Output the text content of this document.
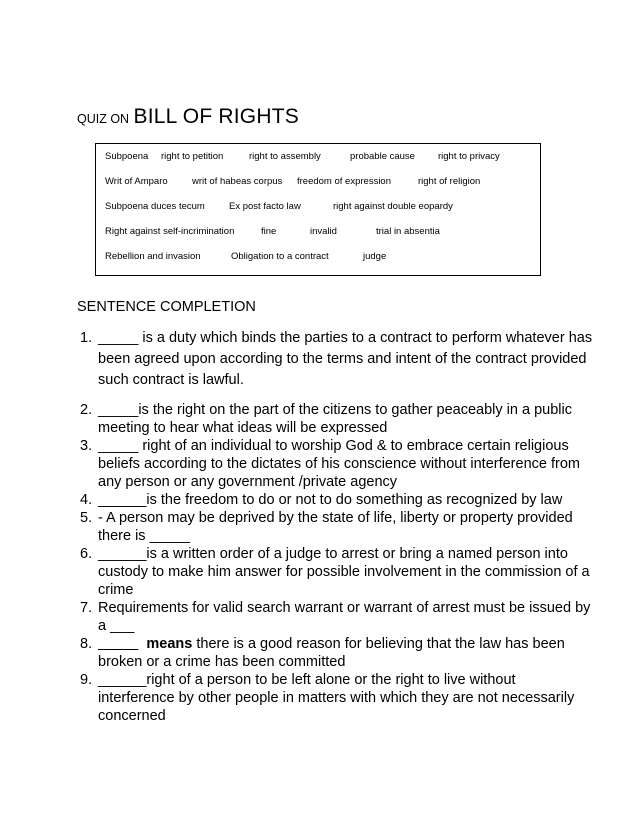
QUIZ ON BILL OF RIGHTS
Subpoena right to petition	right to assembly	probable cause right to privacy
Writ of Amparo	writ of habeas corpus freedom of expression	right of religion
Subpoena duces tecum	Ex post facto law	right against double eopardy
Right against self-incrimination	fine	invalid	trial in absentia
Rebellion and invasion	Obligation to a contract	judge
SENTENCE COMPLETION
1. _____ is a duty which binds the parties to a contract to perform whatever has
been agreed upon according to the terms and intent of the contract provided
such contract is lawful.
2. _____is the right on the part of the citizens to gather peaceably in a public
meeting to hear what ideas will be expressed
3. _____ right of an individual to worship God & to embrace certain religious
beliefs according to the dictates of his conscience without interference from
any person or any government /private agency
4. ______is the freedom to do or not to do something as recognized by law
5. - A person may be deprived by the state of life, liberty or property provided
there is _____
6. ______is a written order of a judge to arrest or bring a named person into
custody to make him answer for possible involvement in the commission of a
crime
7. Requirements for valid search warrant or warrant of arrest must be issued by
a ___
8. _____ means there is a good reason for believing that the law has been
broken or a crime has been committed
9. ______right of a person to be left alone or the right to live without
interference by other people in matters with which they are not necessarily
concerned
